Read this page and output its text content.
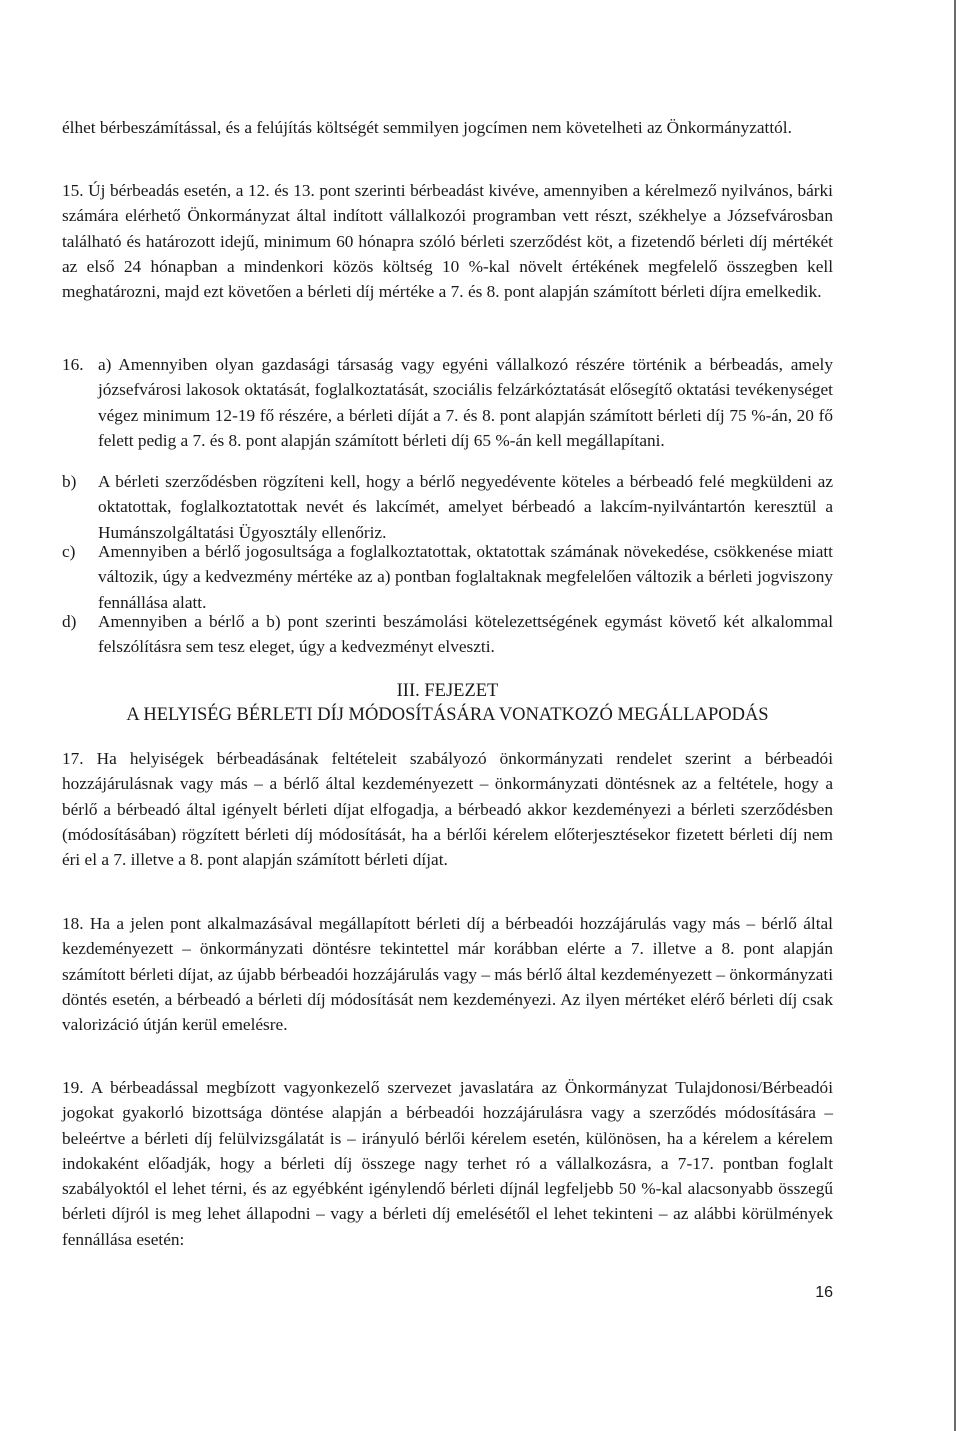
élhet bérbeszámítással, és a felújítás költségét semmilyen jogcímen nem követelheti az Önkormányzattól.

15. Új bérbeadás esetén, a 12. és 13. pont szerinti bérbeadást kivéve, amennyiben a kérelmező nyilvános, bárki számára elérhető Önkormányzat által indított vállalkozói programban vett részt, székhelye a Józsefvárosban található és határozott idejű, minimum 60 hónapra szóló bérleti szerződést köt, a fizetendő bérleti díj mértékét az első 24 hónapban a mindenkori közös költség 10 %-kal növelt értékének megfelelő összegben kell meghatározni, majd ezt követően a bérleti díj mértéke a 7. és 8. pont alapján számított bérleti díjra emelkedik.

16. a) Amennyiben olyan gazdasági társaság vagy egyéni vállalkozó részére történik a bérbeadás, amely józsefvárosi lakosok oktatását, foglalkoztatását, szociális felzárkóztatását elősegítő oktatási tevékenységet végez minimum 12-19 fő részére, a bérleti díját a 7. és 8. pont alapján számított bérleti díj 75 %-án, 20 fő felett pedig a 7. és 8. pont alapján számított bérleti díj 65 %-án kell megállapítani.

b)	A bérleti szerződésben rögzíteni kell, hogy a bérlő negyedévente köteles a bérbeadó felé megküldeni az oktatottak, foglalkoztatottak nevét és lakcímét, amelyet bérbeadó a lakcím-nyilvántartón keresztül a Humánszolgáltatási Ügyosztály ellenőriz.

c)	Amennyiben a bérlő jogosultsága a foglalkoztatottak, oktatottak számának növekedése, csökkenése miatt változik, úgy a kedvezmény mértéke az a) pontban foglaltaknak megfelelően változik a bérleti jogviszony fennállása alatt.

d)	Amennyiben a bérlő a b) pont szerinti beszámolási kötelezettségének egymást követő két alkalommal felszólításra sem tesz eleget, úgy a kedvezményt elveszti.

III. FEJEZET
A HELYISÉG BÉRLETI DÍJ MÓDOSÍTÁSÁRA VONATKOZÓ MEGÁLLAPODÁS

17. Ha helyiségek bérbeadásának feltételeit szabályozó önkormányzati rendelet szerint a bérbeadói hozzájárulásnak vagy más – a bérlő által kezdeményezett – önkormányzati döntésnek az a feltétele, hogy a bérlő a bérbeadó által igényelt bérleti díjat elfogadja, a bérbeadó akkor kezdeményezi a bérleti szerződésben (módosításában) rögzített bérleti díj módosítását, ha a bérlői kérelem előterjesztésekor fizetett bérleti díj nem éri el a 7. illetve a 8. pont alapján számított bérleti díjat.

18. Ha a jelen pont alkalmazásával megállapított bérleti díj a bérbeadói hozzájárulás vagy más – bérlő által kezdeményezett – önkormányzati döntésre tekintettel már korábban elérte a 7. illetve a 8. pont alapján számított bérleti díjat, az újabb bérbeadói hozzájárulás vagy – más bérlő által kezdeményezett – önkormányzati döntés esetén, a bérbeadó a bérleti díj módosítását nem kezdeményezi. Az ilyen mértéket elérő bérleti díj csak valorizáció útján kerül emelésre.

19. A bérbeadással megbízott vagyonkezelő szervezet javaslatára az Önkormányzat Tulajdonosi/Bérbeadói jogokat gyakorló bizottsága döntése alapján a bérbeadói hozzájárulásra vagy a szerződés módosítására – beleértve a bérleti díj felülvizsgálatát is – irányuló bérlői kérelem esetén, különösen, ha a kérelem a kérelem indokaként előadják, hogy a bérleti díj összege nagy terhet ró a vállalkozásra, a 7-17. pontban foglalt szabályoktól el lehet térni, és az egyébként igénylendő bérleti díjnál legfeljebb 50 %-kal alacsonyabb összegű bérleti díjról is meg lehet állapodni – vagy a bérleti díj emelésétől el lehet tekinteni – az alábbi körülmények fennállása esetén:

16
